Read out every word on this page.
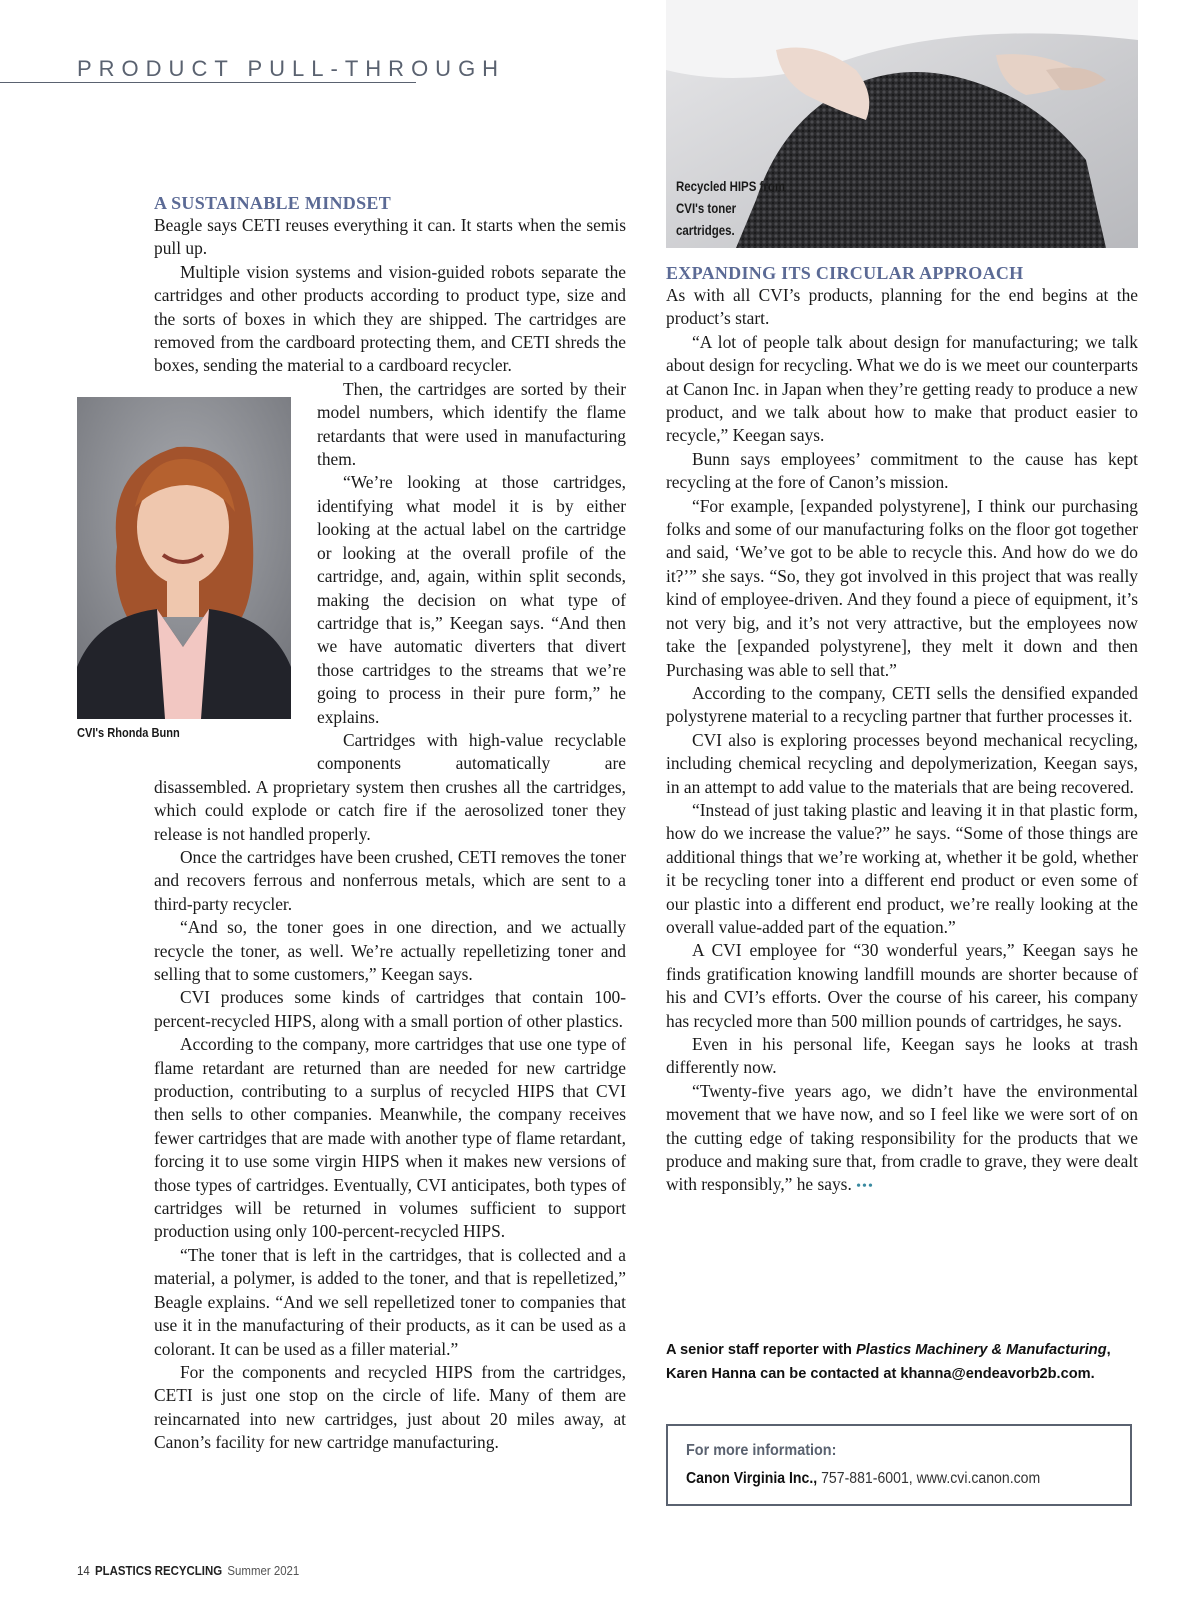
PRODUCT PULL-THROUGH
Recycled HIPS from CVI's toner cartridges.
CVI's Rhonda Bunn
A SUSTAINABLE MINDSET

Beagle says CETI reuses everything it can. It starts when the semis pull up.

Multiple vision systems and vision-guided robots separate the cartridges and other products according to product type, size and the sorts of boxes in which they are shipped. The cartridges are removed from the cardboard protecting them, and CETI shreds the boxes, sending the material to a cardboard recycler.

Then, the cartridges are sorted by their model numbers, which identify the flame retardants that were used in manufacturing them.

“We’re looking at those cartridges, identifying what model it is by either looking at the actual label on the cartridge or looking at the overall profile of the cartridge, and, again, within split seconds, making the decision on what type of cartridge that is,” Keegan says. “And then we have automatic diverters that divert those cartridges to the streams that we’re going to process in their pure form,” he explains.

Cartridges with high-value recyclable components automatically are disassembled. A proprietary system then crushes all the cartridges, which could explode or catch fire if the aerosolized toner they release is not handled properly.

Once the cartridges have been crushed, CETI removes the toner and recovers ferrous and nonferrous metals, which are sent to a third-party recycler.

“And so, the toner goes in one direction, and we actually recycle the toner, as well. We’re actually repelletizing toner and selling that to some customers,” Keegan says.

CVI produces some kinds of cartridges that contain 100-percent-recycled HIPS, along with a small portion of other plastics.

According to the company, more cartridges that use one type of flame retardant are returned than are needed for new cartridge production, contributing to a surplus of recycled HIPS that CVI then sells to other companies. Meanwhile, the company receives fewer cartridges that are made with another type of flame retardant, forcing it to use some virgin HIPS when it makes new versions of those types of cartridges. Eventually, CVI anticipates, both types of cartridges will be returned in volumes sufficient to support production using only 100-percent-recycled HIPS.

“The toner that is left in the cartridges, that is collected and a material, a polymer, is added to the toner, and that is repelletized,” Beagle explains. “And we sell repelletized toner to companies that use it in the manufacturing of their products, as it can be used as a colorant. It can be used as a filler material.”

For the components and recycled HIPS from the cartridges, CETI is just one stop on the circle of life. Many of them are reincarnated into new cartridges, just about 20 miles away, at Canon’s facility for new cartridge manufacturing.

EXPANDING ITS CIRCULAR APPROACH

As with all CVI’s products, planning for the end begins at the product’s start.

“A lot of people talk about design for manufacturing; we talk about design for recycling. What we do is we meet our counterparts at Canon Inc. in Japan when they’re getting ready to produce a new product, and we talk about how to make that product easier to recycle,” Keegan says.

Bunn says employees’ commitment to the cause has kept recycling at the fore of Canon’s mission.

“For example, [expanded polystyrene], I think our purchasing folks and some of our manufacturing folks on the floor got together and said, ‘We’ve got to be able to recycle this. And how do we do it?’” she says. “So, they got involved in this project that was really kind of employee-driven. And they found a piece of equipment, it’s not very big, and it’s not very attractive, but the employees now take the [expanded polystyrene], they melt it down and then Purchasing was able to sell that.”

According to the company, CETI sells the densified expanded polystyrene material to a recycling partner that further processes it.

CVI also is exploring processes beyond mechanical recycling, including chemical recycling and depolymerization, Keegan says, in an attempt to add value to the materials that are being recovered.

“Instead of just taking plastic and leaving it in that plastic form, how do we increase the value?” he says. “Some of those things are additional things that we’re working at, whether it be gold, whether it be recycling toner into a different end product or even some of our plastic into a different end product, we’re really looking at the overall value-added part of the equation.”

A CVI employee for “30 wonderful years,” Keegan says he finds gratification knowing landfill mounds are shorter because of his and CVI’s efforts. Over the course of his career, his company has recycled more than 500 million pounds of cartridges, he says.

Even in his personal life, Keegan says he looks at trash differently now.

“Twenty-five years ago, we didn’t have the environmental movement that we have now, and so I feel like we were sort of on the cutting edge of taking responsibility for the products that we produce and making sure that, from cradle to grave, they were dealt with responsibly,” he says. •••

A senior staff reporter with Plastics Machinery & Manufacturing, Karen Hanna can be contacted at khanna@endeavorb2b.com.
For more information:
Canon Virginia Inc., 757-881-6001, www.cvi.canon.com
14 PLASTICS RECYCLING Summer 2021
